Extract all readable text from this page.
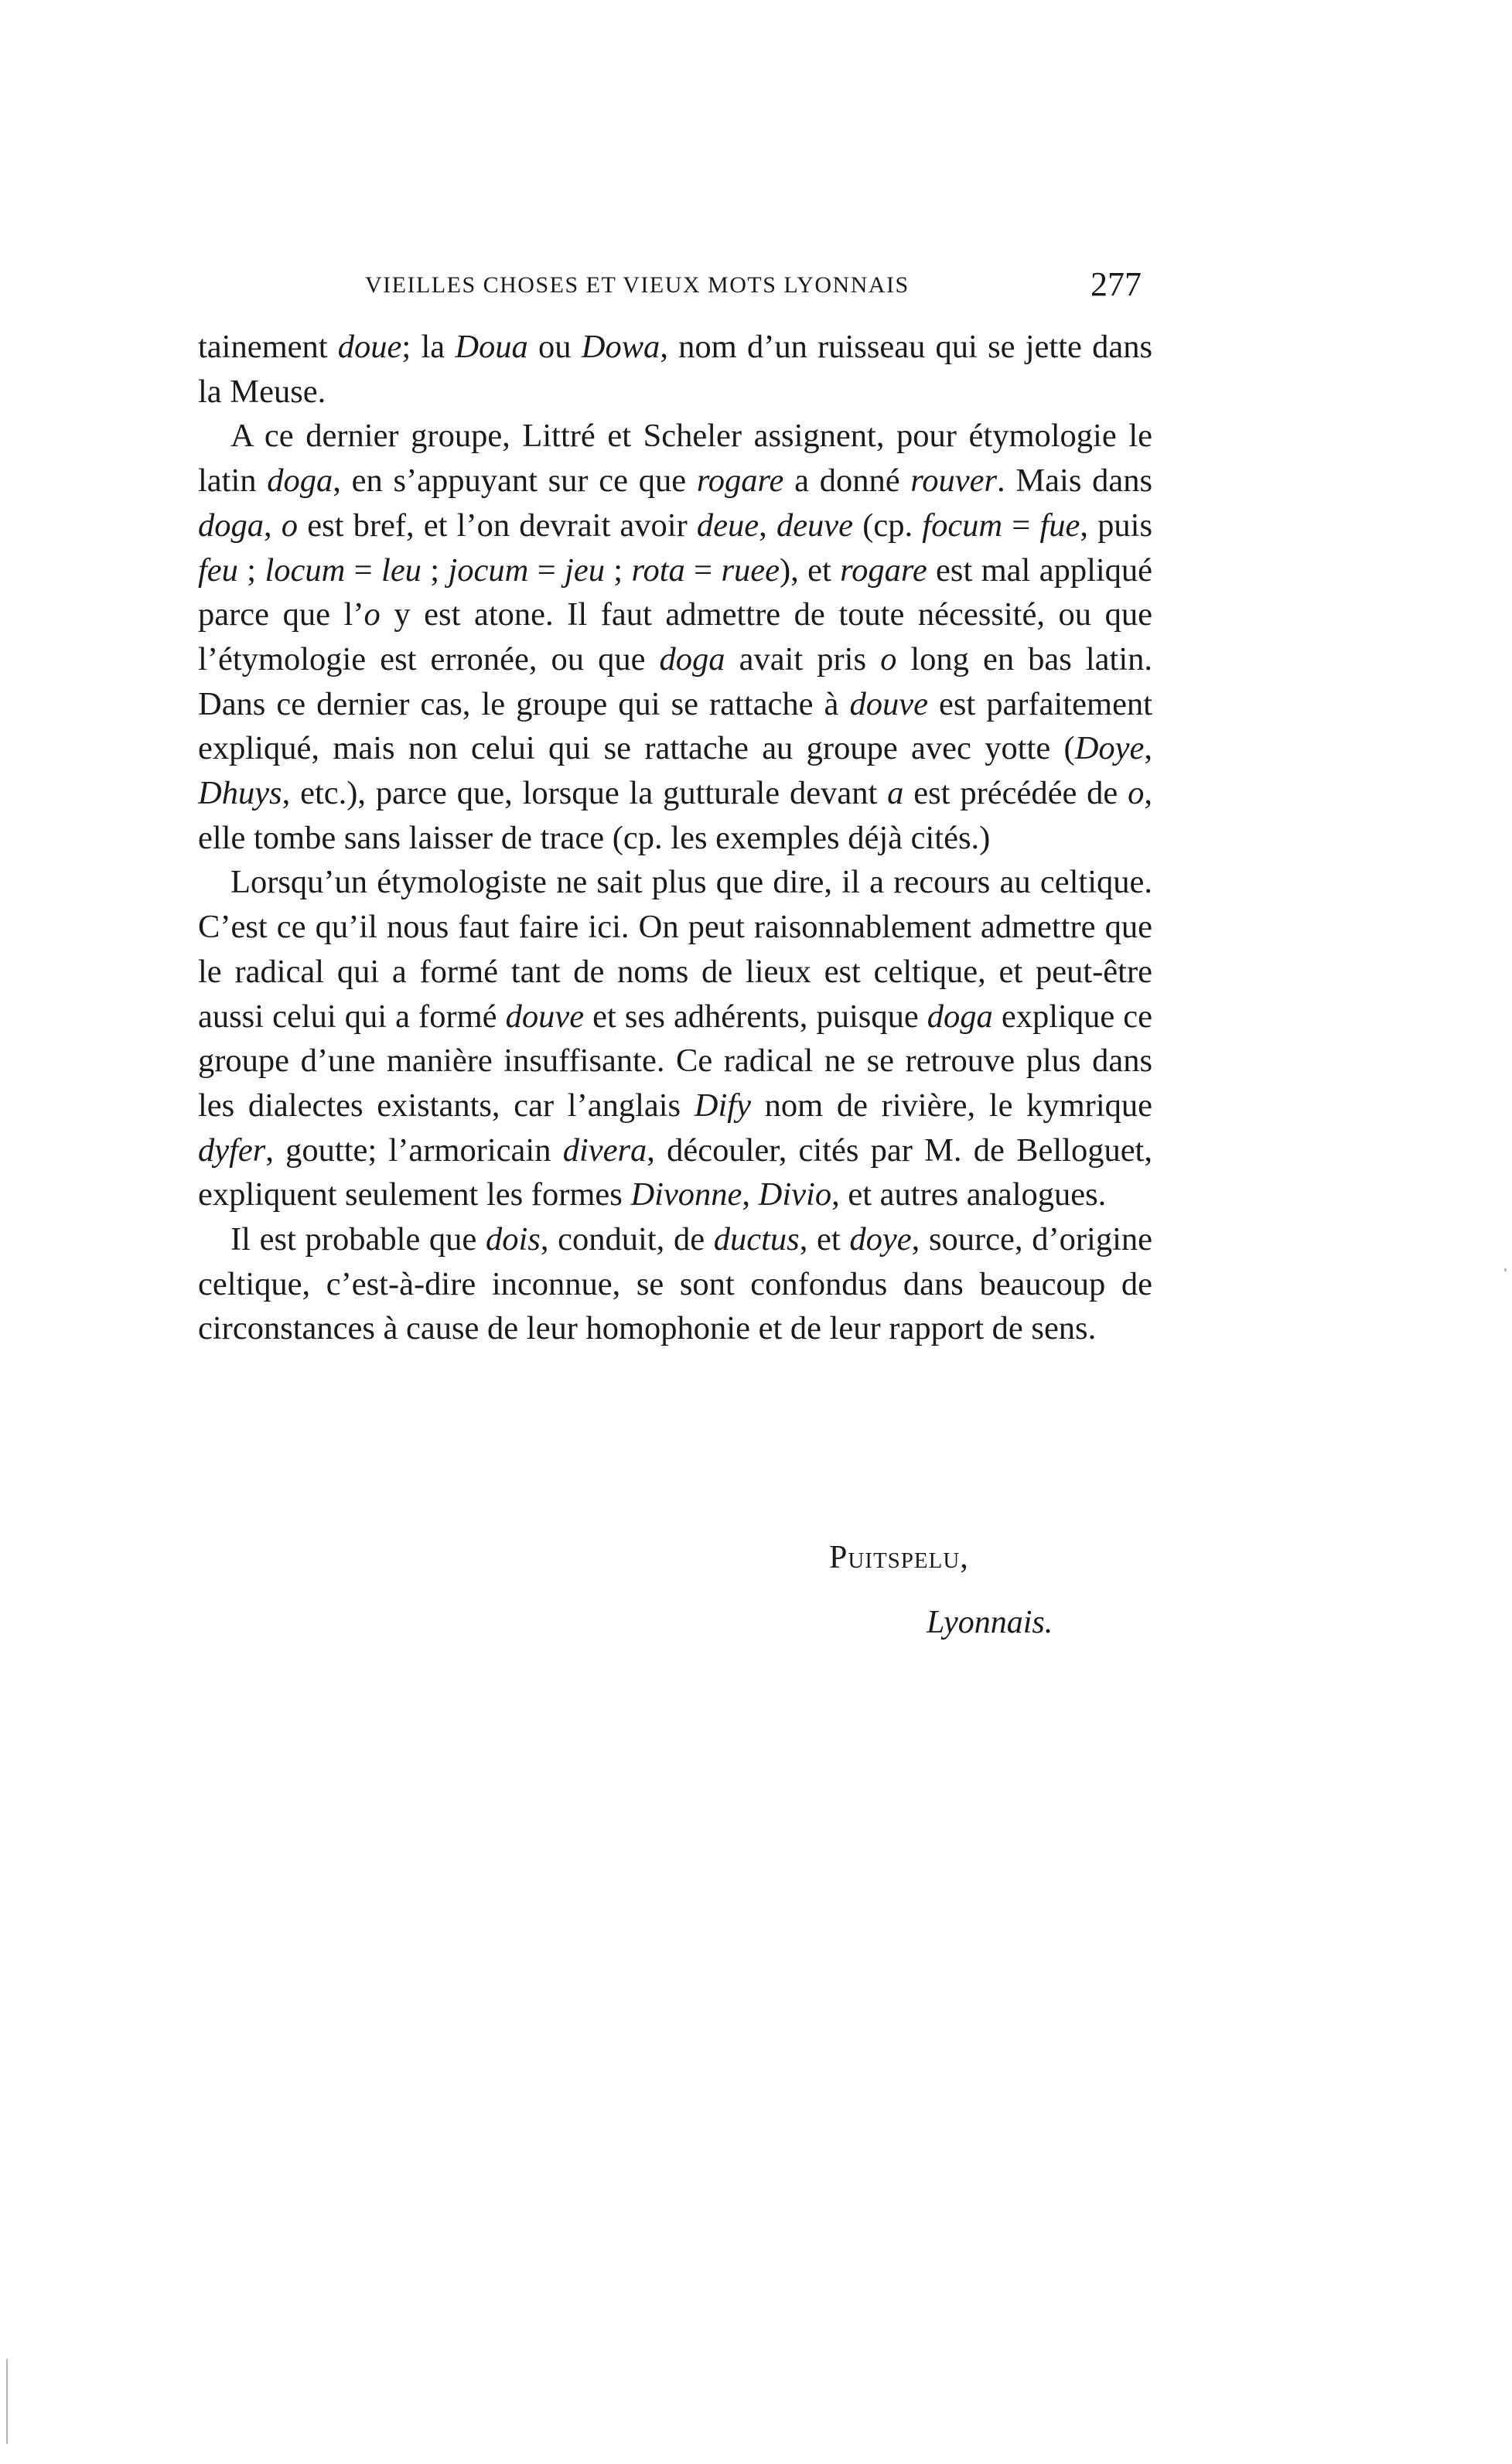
VIEILLES CHOSES ET VIEUX MOTS LYONNAIS	277

tainement doue; la Doua ou Dowa, nom d’un ruisseau qui se jette dans la Meuse.

A ce dernier groupe, Littré et Scheler assignent, pour étymologie le latin doga, en s’appuyant sur ce que rogare a donné rouver. Mais dans doga, o est bref, et l’on devrait avoir deue, deuve (cp. focum = fue, puis feu ; locum = leu ; jocum = jeu ; rota = ruee), et rogare est mal appliqué parce que l’o y est atone. Il faut admettre de toute nécessité, ou que l’étymologie est erronée, ou que doga avait pris o long en bas latin. Dans ce dernier cas, le groupe qui se rattache à douve est parfaitement expliqué, mais non celui qui se rattache au groupe avec yotte (Doye, Dhuys, etc.), parce que, lorsque la gutturale devant a est précédée de o, elle tombe sans laisser de trace (cp. les exemples déjà cités.)

Lorsqu’un étymologiste ne sait plus que dire, il a recours au celtique. C’est ce qu’il nous faut faire ici. On peut raisonnablement admettre que le radical qui a formé tant de noms de lieux est celtique, et peut-être aussi celui qui a formé douve et ses adhérents, puisque doga explique ce groupe d’une manière insuffisante. Ce radical ne se retrouve plus dans les dialectes existants, car l’anglais Dify nom de rivière, le kymrique dyfer, goutte; l’armoricain divera, découler, cités par M. de Belloguet, expliquent seulement les formes Divonne, Divio, et autres analogues.

Il est probable que dois, conduit, de ductus, et doye, source, d’origine celtique, c’est-à-dire inconnue, se sont confondus dans beaucoup de circonstances à cause de leur homophonie et de leur rapport de sens.

Puitspelu,
Lyonnais.
